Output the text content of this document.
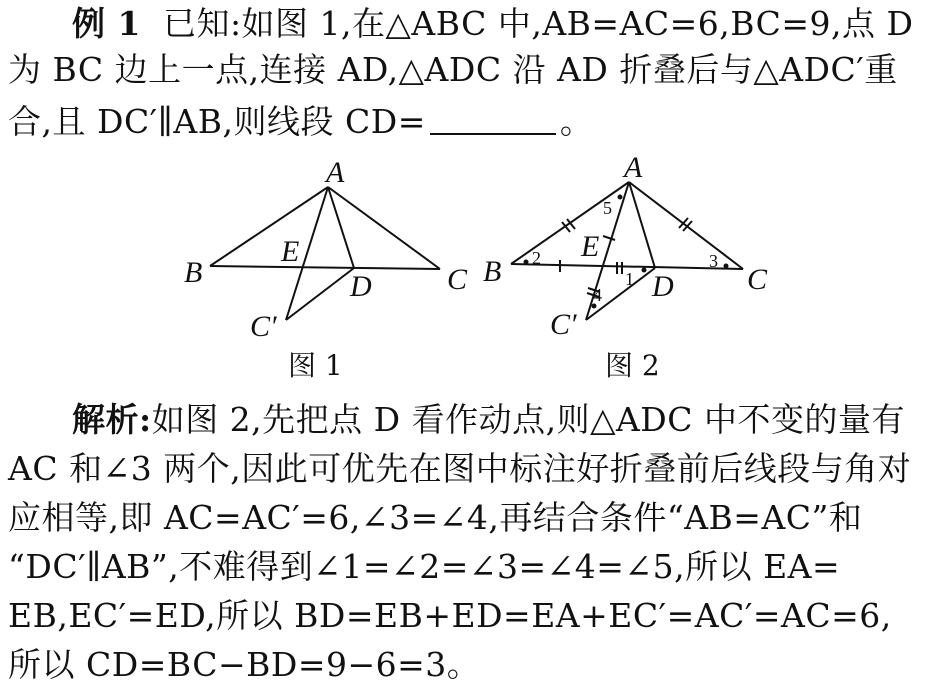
例 1 已知:如图 1,在△ABC 中,AB=AC=6,BC=9,点 D
为 BC 边上一点,连接 AD,△ADC 沿 AD 折叠后与△ADC′重
合,且 DC′∥AB,则线段 CD=	。
A
B	C
D
E
C′
图 1
5
2
1
3
4
A
B	C
D
E
C′
图 2
解析:如图 2,先把点 D 看作动点,则△ADC 中不变的量有
AC 和∠3 两个,因此可优先在图中标注好折叠前后线段与角对
应相等,即 AC=AC′=6,∠3=∠4,再结合条件“AB=AC”和
“DC′∥AB”,不难得到∠1=∠2=∠3=∠4=∠5,所以 EA=
EB,EC′=ED,所以 BD=EB+ED=EA+EC′=AC′=AC=6,
所以 CD=BC−BD=9−6=3。
